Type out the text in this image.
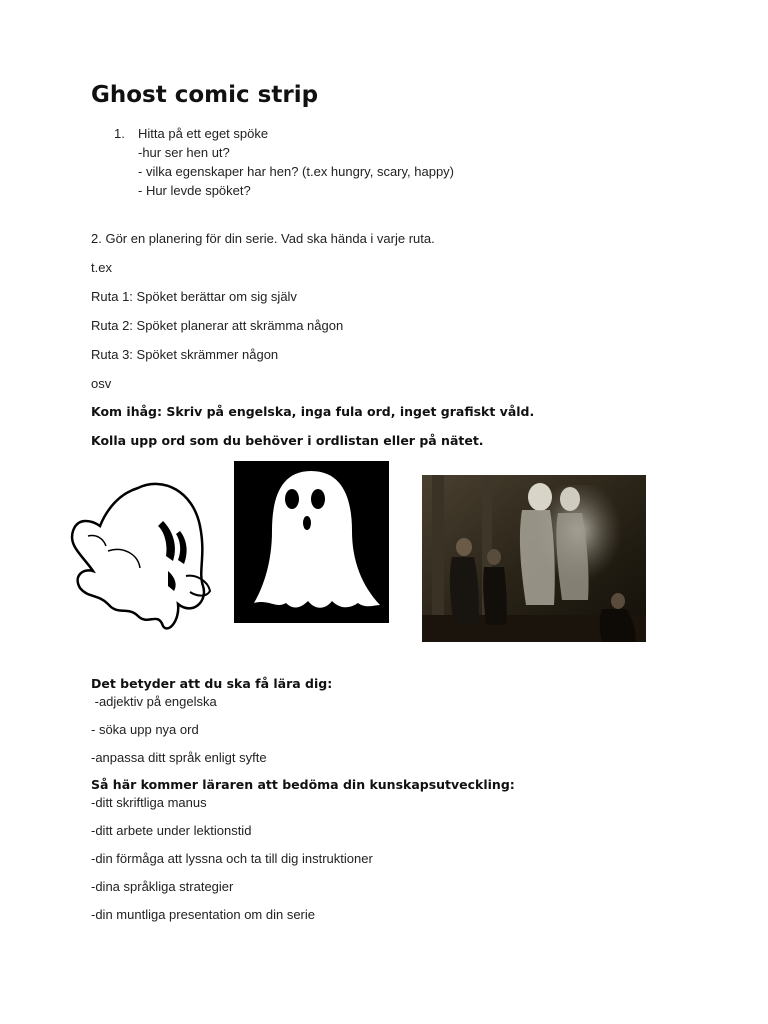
Ghost comic strip
1. Hitta på ett eget spöke
-hur ser hen ut?
- vilka egenskaper har hen? (t.ex hungry, scary, happy)
- Hur levde spöket?
2. Gör en planering för din serie. Vad ska hända i varje ruta.
t.ex
Ruta 1: Spöket berättar om sig själv
Ruta 2: Spöket planerar att skrämma någon
Ruta 3: Spöket skrämmer någon
osv
Kom ihåg: Skriv på engelska, inga fula ord, inget grafiskt våld.
Kolla upp ord som du behöver i ordlistan eller på nätet.
Det betyder att du ska få lära dig:
-adjektiv på engelska
- söka upp nya ord
-anpassa ditt språk enligt syfte
Så här kommer läraren att bedöma din kunskapsutveckling:
-ditt skriftliga manus
-ditt arbete under lektionstid
-din förmåga att lyssna och ta till dig instruktioner
-dina språkliga strategier
-din muntliga presentation om din serie
